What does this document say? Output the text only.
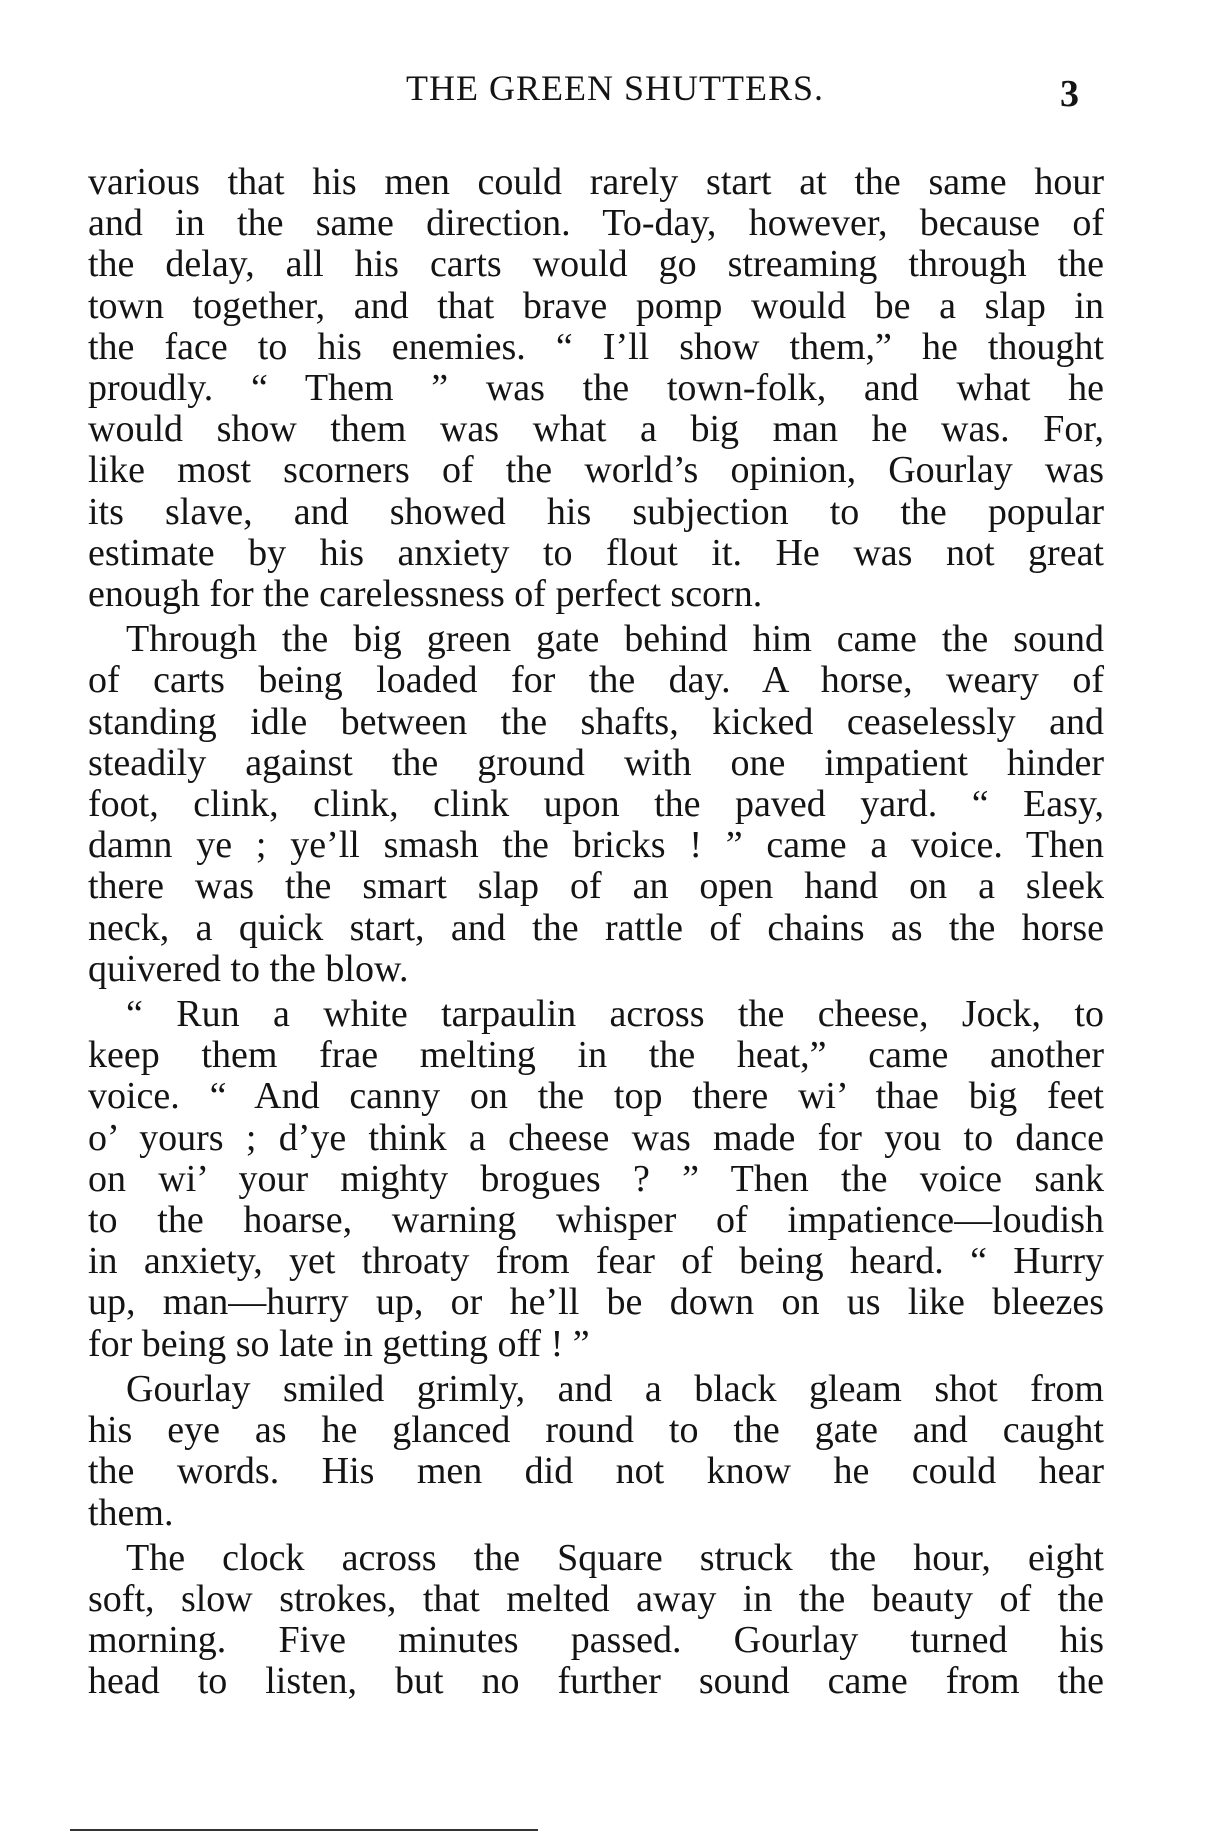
THE GREEN SHUTTERS.	3
various that his men could rarely start at the same hour
and in the same direction. To-day, however, because of
the delay, all his carts would go streaming through the
town together, and that brave pomp would be a slap in
the face to his enemies. “ I’ll show them,” he thought
proudly. “ Them ” was the town-folk, and what he
would show them was what a big man he was. For,
like most scorners of the world’s opinion, Gourlay was
its slave, and showed his subjection to the popular
estimate by his anxiety to flout it. He was not great
enough for the carelessness of perfect scorn.
Through the big green gate behind him came the sound
of carts being loaded for the day. A horse, weary of
standing idle between the shafts, kicked ceaselessly and
steadily against the ground with one impatient hinder
foot, clink, clink, clink upon the paved yard. “ Easy,
damn ye ; ye’ll smash the bricks ! ” came a voice. Then
there was the smart slap of an open hand on a sleek
neck, a quick start, and the rattle of chains as the horse
quivered to the blow.
“ Run a white tarpaulin across the cheese, Jock, to
keep them frae melting in the heat,” came another
voice. “ And canny on the top there wi’ thae big feet
o’ yours ; d’ye think a cheese was made for you to dance
on wi’ your mighty brogues ? ” Then the voice sank
to the hoarse, warning whisper of impatience—loudish
in anxiety, yet throaty from fear of being heard. “ Hurry
up, man—hurry up, or he’ll be down on us like bleezes
for being so late in getting off ! ”
Gourlay smiled grimly, and a black gleam shot from
his eye as he glanced round to the gate and caught
the words. His men did not know he could hear
them.
The clock across the Square struck the hour, eight
soft, slow strokes, that melted away in the beauty of the
morning. Five minutes passed. Gourlay turned his
head to listen, but no further sound came from the
